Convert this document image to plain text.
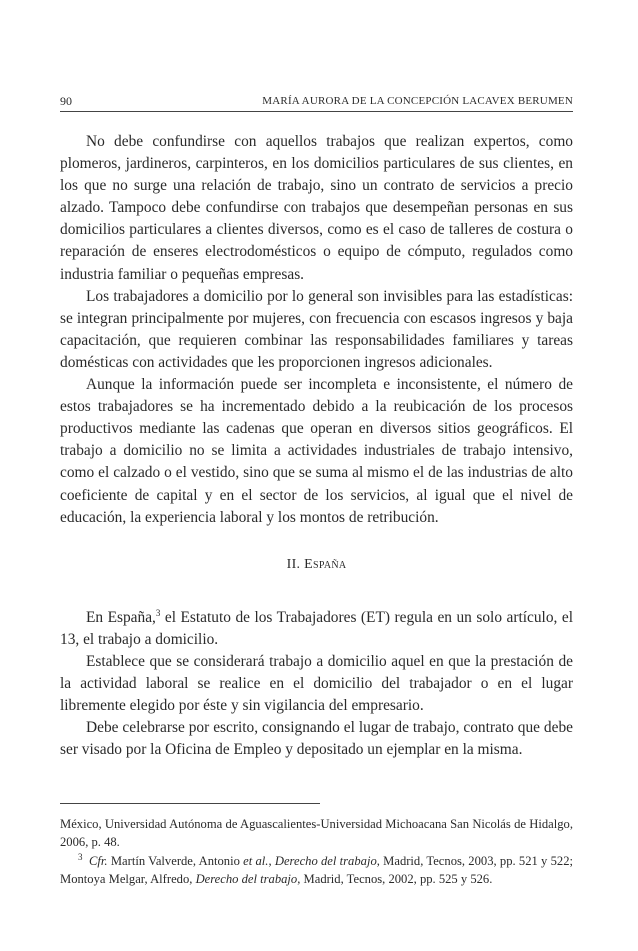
90	MARÍA AURORA DE LA CONCEPCIÓN LACAVEX BERUMEN

No debe confundirse con aquellos trabajos que realizan expertos, como plomeros, jardineros, carpinteros, en los domicilios particulares de sus clientes, en los que no surge una relación de trabajo, sino un contrato de servicios a precio alzado. Tampoco debe confundirse con trabajos que desempeñan personas en sus domicilios particulares a clientes diversos, como es el caso de talleres de costura o reparación de enseres electrodomésticos o equipo de cómputo, regulados como industria familiar o pequeñas empresas.

Los trabajadores a domicilio por lo general son invisibles para las estadísticas: se integran principalmente por mujeres, con frecuencia con escasos ingresos y baja capacitación, que requieren combinar las responsabilidades familiares y tareas domésticas con actividades que les proporcionen ingresos adicionales.

Aunque la información puede ser incompleta e inconsistente, el número de estos trabajadores se ha incrementado debido a la reubicación de los procesos productivos mediante las cadenas que operan en diversos sitios geográficos. El trabajo a domicilio no se limita a actividades industriales de trabajo intensivo, como el calzado o el vestido, sino que se suma al mismo el de las industrias de alto coeficiente de capital y en el sector de los servicios, al igual que el nivel de educación, la experiencia laboral y los montos de retribución.

II. España

En España,$^3$ el Estatuto de los Trabajadores (ET) regula en un solo artículo, el 13, el trabajo a domicilio.

Establece que se considerará trabajo a domicilio aquel en que la prestación de la actividad laboral se realice en el domicilio del trabajador o en el lugar libremente elegido por éste y sin vigilancia del empresario.

Debe celebrarse por escrito, consignando el lugar de trabajo, contrato que debe ser visado por la Oficina de Empleo y depositado un ejemplar en la misma.

México, Universidad Autónoma de Aguascalientes-Universidad Michoacana San Nicolás de Hidalgo, 2006, p. 48.

$^3$ Cfr. Martín Valverde, Antonio et al., Derecho del trabajo, Madrid, Tecnos, 2003, pp. 521 y 522; Montoya Melgar, Alfredo, Derecho del trabajo, Madrid, Tecnos, 2002, pp. 525 y 526.
